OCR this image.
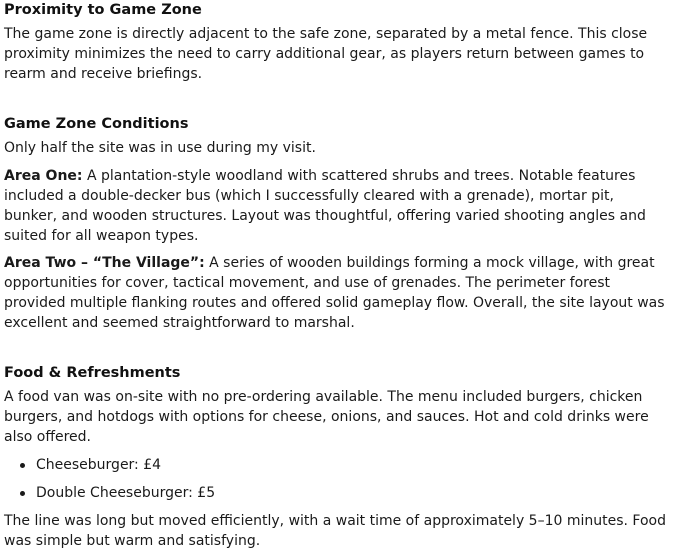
Proximity to Game Zone

The game zone is directly adjacent to the safe zone, separated by a metal fence. This close proximity minimizes the need to carry additional gear, as players return between games to rearm and receive briefings.

Game Zone Conditions

Only half the site was in use during my visit.

Area One: A plantation-style woodland with scattered shrubs and trees. Notable features included a double-decker bus (which I successfully cleared with a grenade), mortar pit, bunker, and wooden structures. Layout was thoughtful, offering varied shooting angles and suited for all weapon types.

Area Two – “The Village”: A series of wooden buildings forming a mock village, with great opportunities for cover, tactical movement, and use of grenades. The perimeter forest provided multiple flanking routes and offered solid gameplay flow. Overall, the site layout was excellent and seemed straightforward to marshal.

Food & Refreshments

A food van was on-site with no pre-ordering available. The menu included burgers, chicken burgers, and hotdogs with options for cheese, onions, and sauces. Hot and cold drinks were also offered.

Cheeseburger: £4
Double Cheeseburger: £5

The line was long but moved efficiently, with a wait time of approximately 5–10 minutes. Food was simple but warm and satisfying.
